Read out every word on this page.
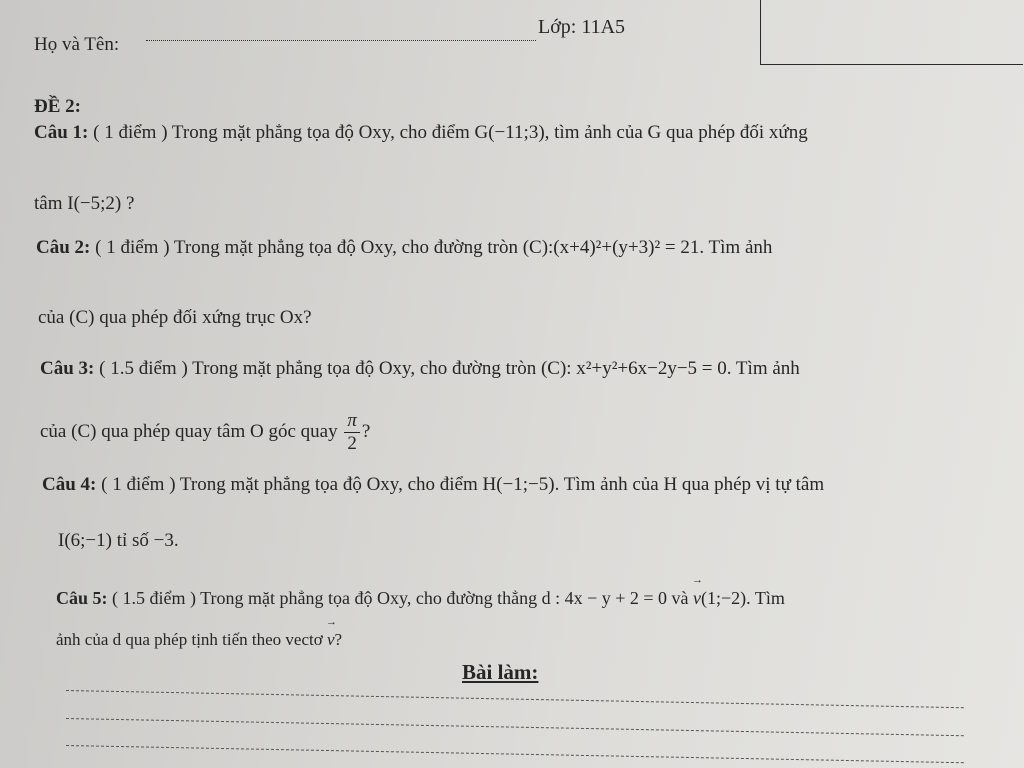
Họ và Tên:
Lớp: 11A5
ĐỀ 2:
Câu 1: ( 1 điểm ) Trong mặt phẳng tọa độ Oxy, cho điểm G(−11;3), tìm ảnh của G qua phép đối xứng
tâm I(−5;2) ?
Câu 2: ( 1 điểm ) Trong mặt phẳng tọa độ Oxy, cho đường tròn (C):(x+4)²+(y+3)² = 21. Tìm ảnh
của (C) qua phép đối xứng trục Ox?
Câu 3: ( 1.5 điểm ) Trong mặt phẳng tọa độ Oxy, cho đường tròn (C): x²+y²+6x−2y−5 = 0. Tìm ảnh
của (C) qua phép quay tâm O góc quay $\frac{\pi}{2}$ ?
Câu 4: ( 1 điểm ) Trong mặt phẳng tọa độ Oxy, cho điểm H(−1;−5). Tìm ảnh của H qua phép vị tự tâm
I(6;−1) tỉ số −3.
Câu 5: ( 1.5 điểm ) Trong mặt phẳng tọa độ Oxy, cho đường thẳng d : 4x − y + 2 = 0 và → v(1;−2). Tìm
ảnh của d qua phép tịnh tiến theo vectơ → v?
Bài làm:
